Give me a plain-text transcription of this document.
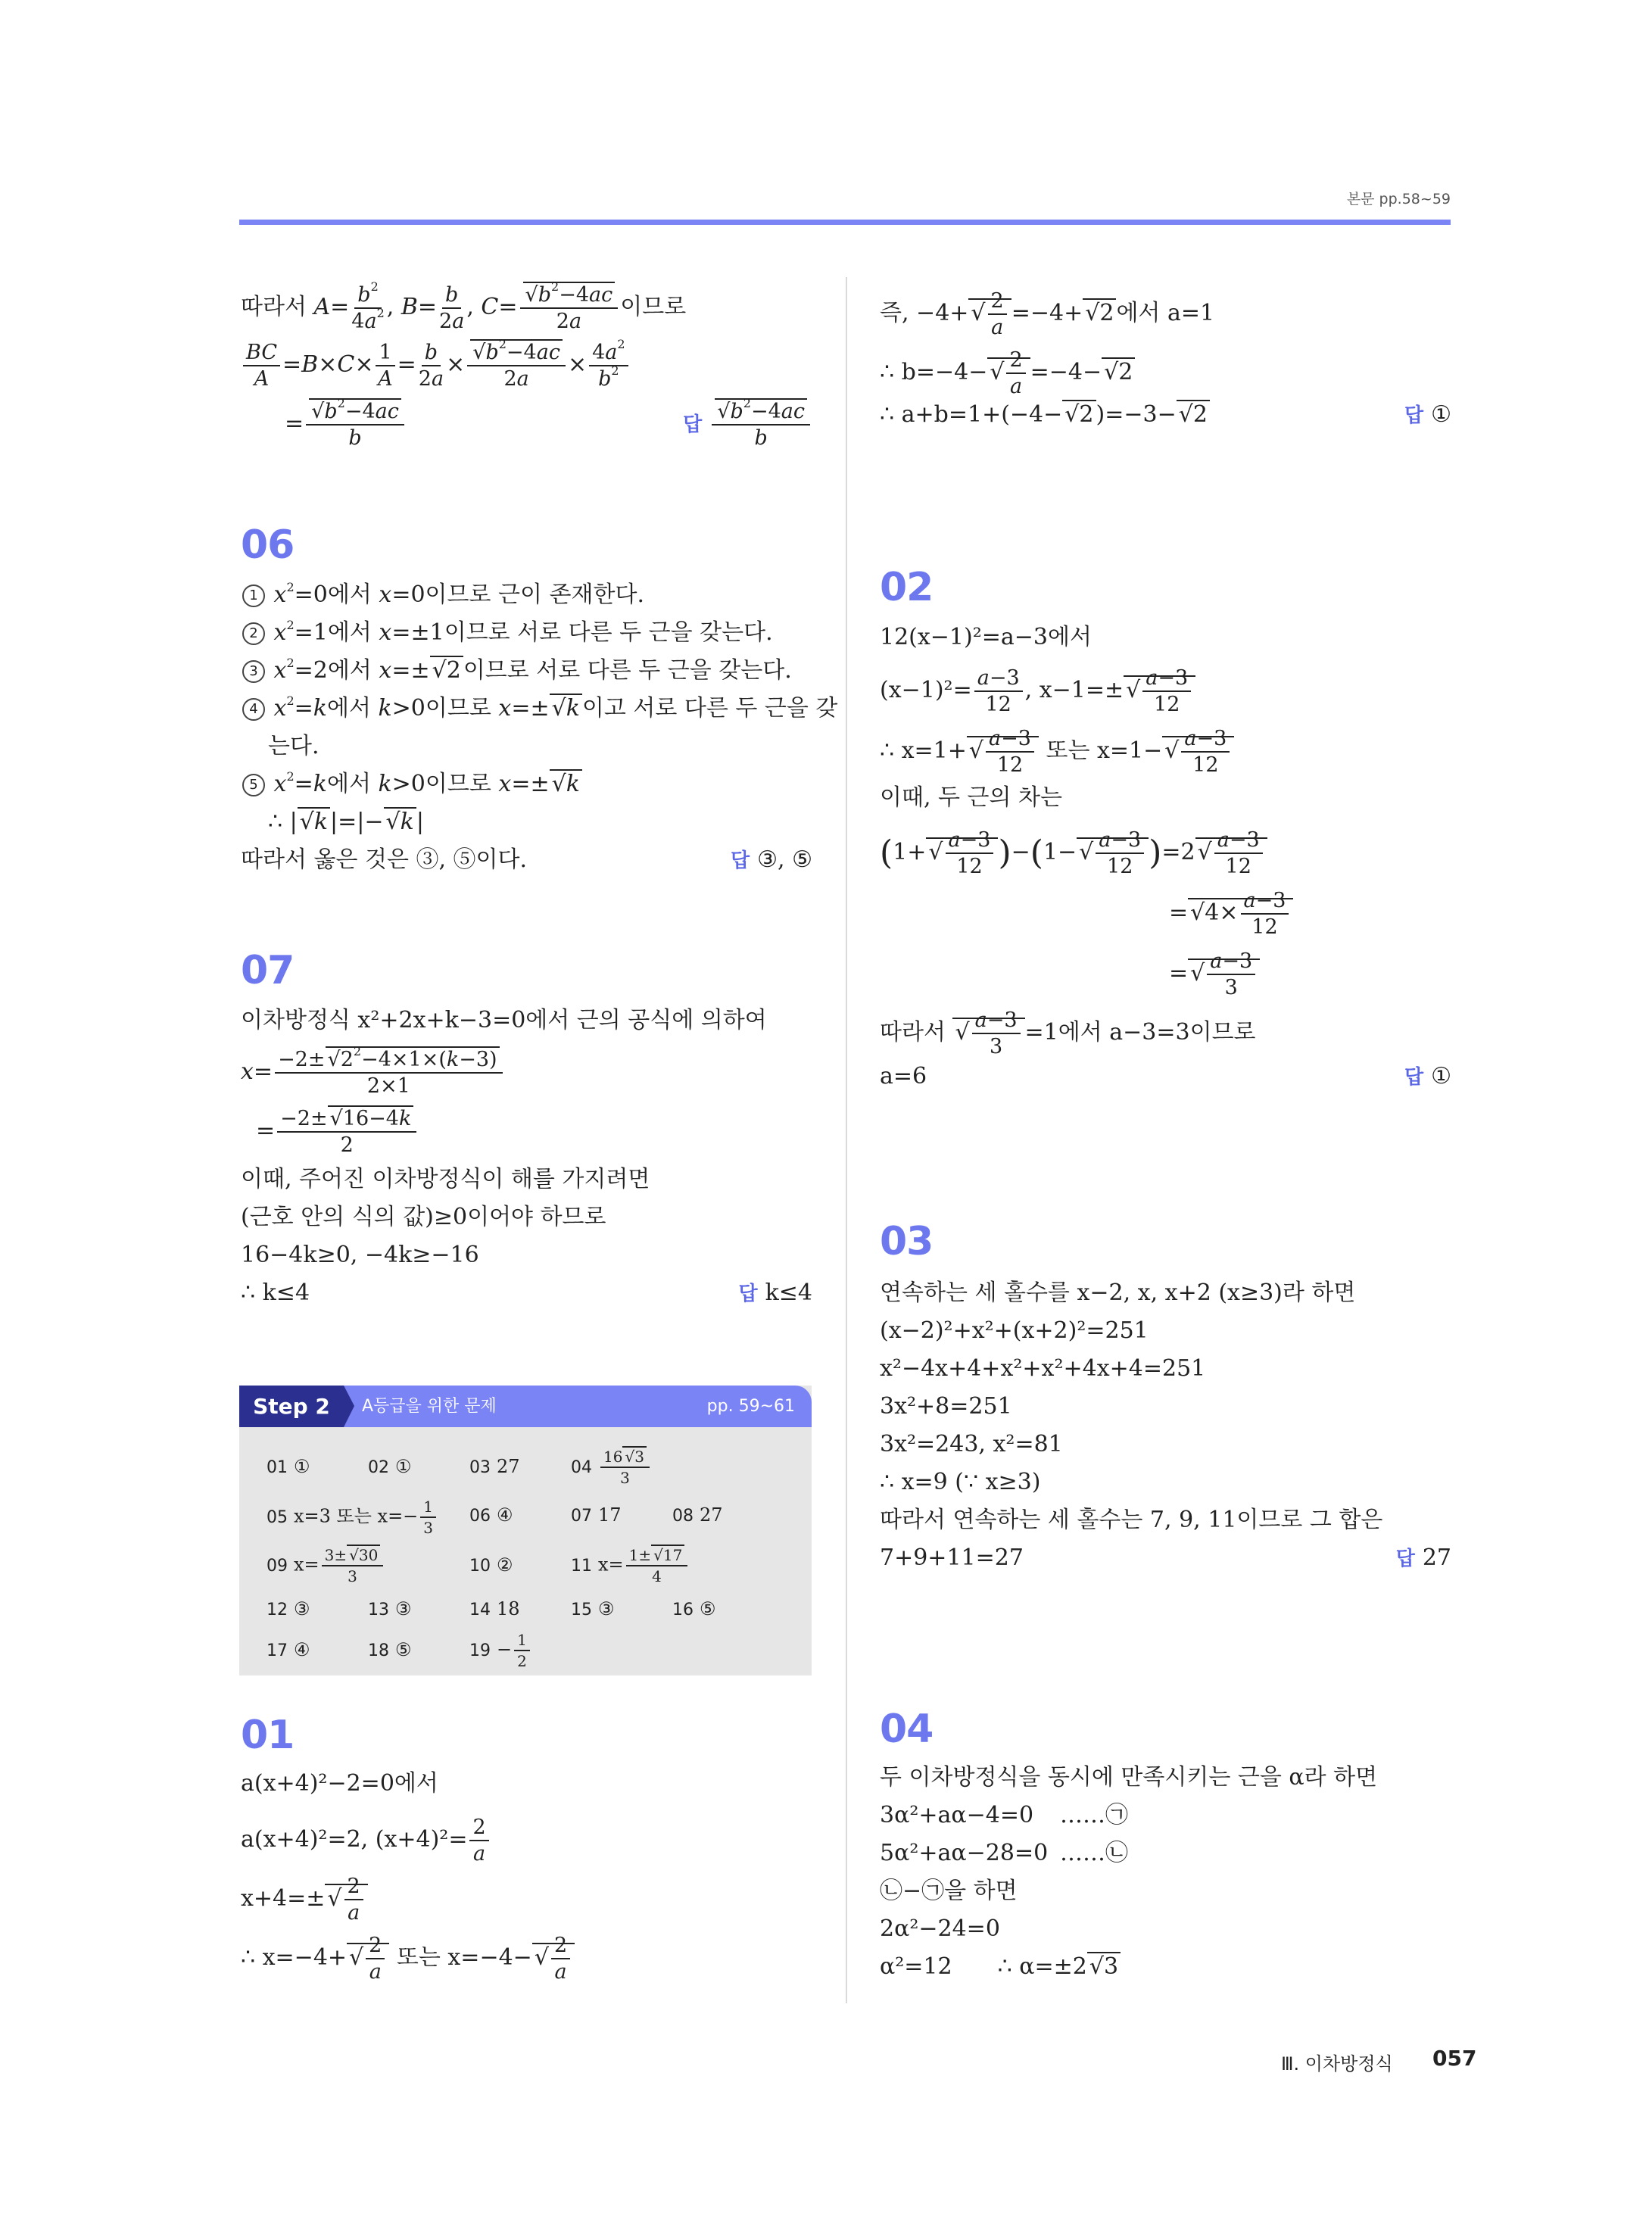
본문 pp.58~59
따라서 $A= \frac{b^2}{4a^2}$ , $B= \frac{b}{2a}$ , C=
√ $\frac{b^2-4ac}{2a}$ 이므로
$\frac{BC}{A} =B\times C\times \frac{1}{A} = \frac{b}{2a}$ ×
√ $\frac{b^2-4ac}{2a} \times \frac{4a^2}{b^2}$
=
√ $\frac{b^2-4ac}{b}$	답
√ $\frac{b^2-4ac}{b}$
06
1 $x^2=0$에서 x=0이므로 근이 존재한다.
2 $x^2=1$에서 x=±1이므로 서로 다른 두 근을 갖는다.
3 $x^2=2$에서 x=±√ 2 이므로 서로 다른 두 근을 갖는다.
4 $x^2=k$에서 k>0이므로 x=±√ k 이고 서로 다른 두 근을 갖
는다.
5 $x^2=k$에서 k>0이므로 x=±√ k
∴ |√ k |=|−√ k |
따라서 옳은 것은 ③, ⑤이다.	답 ③, ⑤
07
이차방정식 x²+2x+k−3=0에서 근의 공식에 의하여
$x= \frac{-2\pm√ 2^2-4\times 1\times(k-3)}{2\times 1}$
= $\frac{-2\pm√ 16-4k}{2}$
이때, 주어진 이차방정식이 해를 가지려면
(근호 안의 식의 값)≥0이어야 하므로
16−4k≥0, −4k≥−16
∴ k≤4	답 k≤4
01
a(x+4)²−2=0에서
a(x+4)²=2, $(x+4)^2= \frac{2}{a}$
x+4=±
√ $\frac{2}{a}$
∴ x=−4+
√ $\frac{2}{a}$ 또는 x=−4−
√ $\frac{2}{a}$
Step 2	A등급을 위한 문제	pp. 59~61
01 ①	02 ①	03 27	$04 \frac{16√ 3}{3}$
05 x=3 또는 $x=- \frac{1}{3} 06$ ④	07 17	08 27
09 $x= \frac{3\pm√ 30}{3}$	10 ②	11 $x= \frac{1\pm√ 17}{4}$
12 ③	13 ③	14 18	15 ③	16 ⑤
17 ④	18 ⑤	$19 - \frac{1}{2}$
즉, −4+
√ $\frac{2}{a} =-4+√$ 2 에서 a=1
∴ b=−4−
√ $\frac{2}{a} =-4-√$ 2
∴ a+b=1+(−4−√ 2 )=−3−√ 2	답 ①
02
12(x−1)²=a−3에서
$(x-1)^2= \frac{a-3}{12}$ , x−1=±
√ $\frac{a-3}{12}$
∴ x=1+
√ $\frac{a-3}{12}$ 또는 x=1−
√ $\frac{a-3}{12}$
이때, 두 근의 차는
(1+
√ $\frac{a-3}{12} )-(1-$
√ $\frac{a-3}{12} )=2$
√ $\frac{a-3}{12}$
=√ $4\times \frac{a-3}{12}$
=
√ $\frac{a-3}{3}$
따라서
√ $\frac{a-3}{3} =1$에서 a−3=3이므로
a=6	답 ①
03
연속하는 세 홀수를 x−2, x, x+2 (x≥3)라 하면
(x−2)²+x²+(x+2)²=251
x²−4x+4+x²+x²+4x+4=251
3x²+8=251
3x²=243, x²=81
∴ x=9 (∵ x≥3)
따라서 연속하는 세 홀수는 7, 9, 11이므로 그 합은
7+9+11=27	답 27
04
두 이차방정식을 동시에 만족시키는 근을 α라 하면
3α²+aα−4=0 ……㉠
5α²+aα−28=0 ……㉡
㉡−㉠을 하면
2α²−24=0
α²=12 ∴ α=±2√ 3
Ⅲ. 이차방정식 057
